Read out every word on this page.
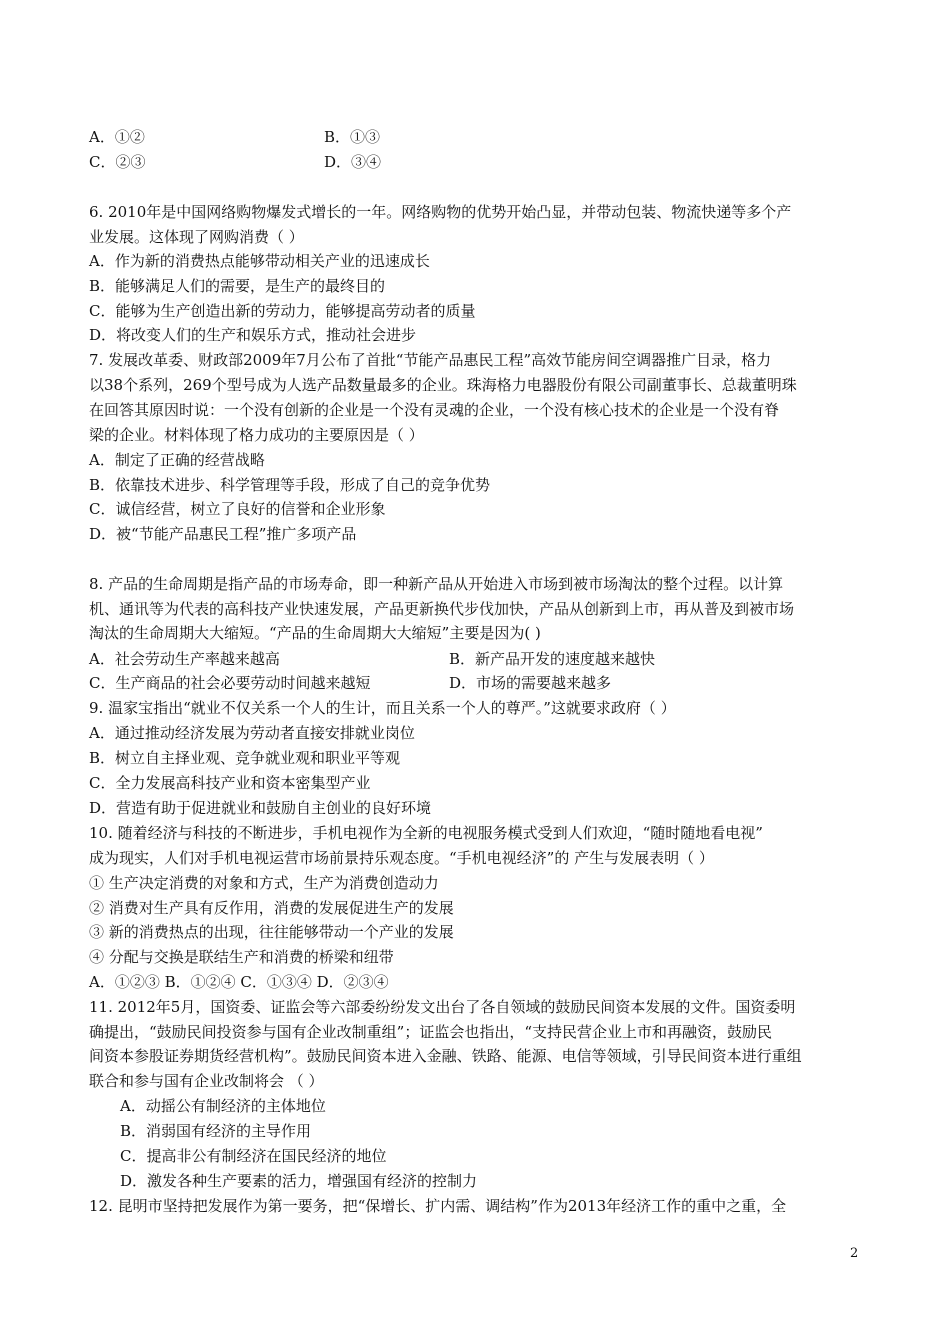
A．①②	B．①③
C．②③	D．③④
6. 2010年是中国网络购物爆发式增长的一年。网络购物的优势开始凸显，并带动包装、物流快递等多个产
业发展。这体现了网购消费（ ）
A．作为新的消费热点能够带动相关产业的迅速成长
B．能够满足人们的需要，是生产的最终目的
C．能够为生产创造出新的劳动力，能够提高劳动者的质量
D．将改变人们的生产和娱乐方式，推动社会进步
7. 发展改革委、财政部2009年7月公布了首批“节能产品惠民工程”高效节能房间空调器推广目录，格力
以38个系列，269个型号成为人选产品数量最多的企业。珠海格力电器股份有限公司副董事长、总裁董明珠
在回答其原因时说：一个没有创新的企业是一个没有灵魂的企业，一个没有核心技术的企业是一个没有脊
梁的企业。材料体现了格力成功的主要原因是（ ）
A．制定了正确的经营战略
B．依靠技术进步、科学管理等手段，形成了自己的竞争优势
C．诚信经营，树立了良好的信誉和企业形象
D．被“节能产品惠民工程”推广多项产品
8. 产品的生命周期是指产品的市场寿命，即一种新产品从开始进入市场到被市场淘汰的整个过程。以计算
机、通讯等为代表的高科技产业快速发展，产品更新换代步伐加快，产品从创新到上市，再从普及到被市场
淘汰的生命周期大大缩短。“产品的生命周期大大缩短”主要是因为( )
A．社会劳动生产率越来越高	B．新产品开发的速度越来越快
C．生产商品的社会必要劳动时间越来越短	D．市场的需要越来越多
9. 温家宝指出“就业不仅关系一个人的生计，而且关系一个人的尊严。”这就要求政府（ ）
A．通过推动经济发展为劳动者直接安排就业岗位
B．树立自主择业观、竞争就业观和职业平等观
C．全力发展高科技产业和资本密集型产业
D．营造有助于促进就业和鼓励自主创业的良好环境
10. 随着经济与科技的不断进步，手机电视作为全新的电视服务模式受到人们欢迎，“随时随地看电视”
成为现实，人们对手机电视运营市场前景持乐观态度。“手机电视经济”的 产生与发展表明（ ）
① 生产决定消费的对象和方式，生产为消费创造动力
② 消费对生产具有反作用，消费的发展促进生产的发展
③ 新的消费热点的出现，往往能够带动一个产业的发展
④ 分配与交换是联结生产和消费的桥梁和纽带
A．①②③ B．①②④ C．①③④ D．②③④
11. 2012年5月，国资委、证监会等六部委纷纷发文出台了各自领域的鼓励民间资本发展的文件。国资委明
确提出，“鼓励民间投资参与国有企业改制重组”；证监会也指出，“支持民营企业上市和再融资，鼓励民
间资本参股证券期货经营机构”。鼓励民间资本进入金融、铁路、能源、电信等领域，引导民间资本进行重组
联合和参与国有企业改制将会 （ ）
A．动摇公有制经济的主体地位
B．消弱国有经济的主导作用
C．提高非公有制经济在国民经济的地位
D．激发各种生产要素的活力，增强国有经济的控制力
12. 昆明市坚持把发展作为第一要务，把“保增长、扩内需、调结构”作为2013年经济工作的重中之重，全
2
